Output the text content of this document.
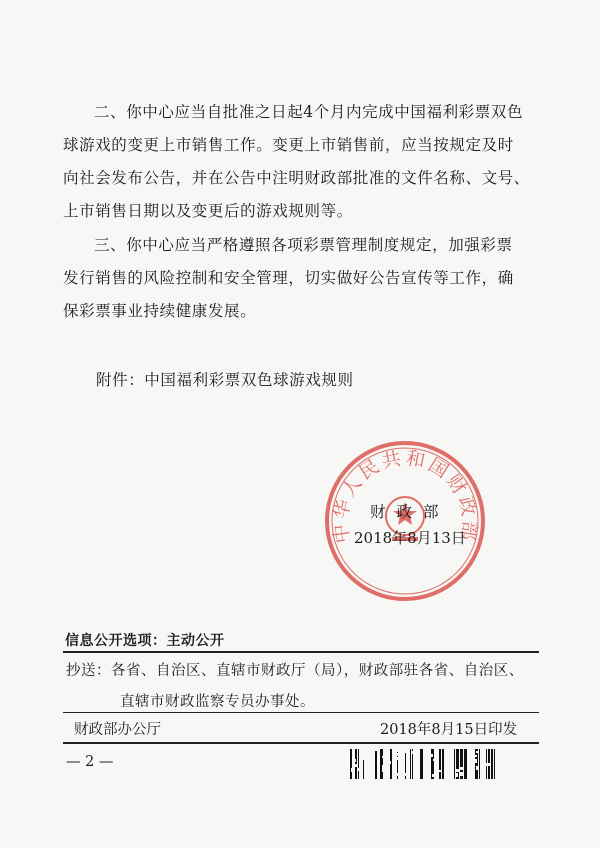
二、你中心应当自批准之日起4个月内完成中国福利彩票双色
球游戏的变更上市销售工作。变更上市销售前，应当按规定及时
向社会发布公告，并在公告中注明财政部批准的文件名称、文号、
上市销售日期以及变更后的游戏规则等。
三、你中心应当严格遵照各项彩票管理制度规定，加强彩票
发行销售的风险控制和安全管理，切实做好公告宣传等工作，确
保彩票事业持续健康发展。
附件：中国福利彩票双色球游戏规则
中华人民共和国财政部
财政部
2018年8月13日
信息公开选项：主动公开
抄送：各省、自治区、直辖市财政厅（局），财政部驻各省、自治区、
直辖市财政监察专员办事处。
财政部办公厅	2018年8月15日印发
— 2 —
